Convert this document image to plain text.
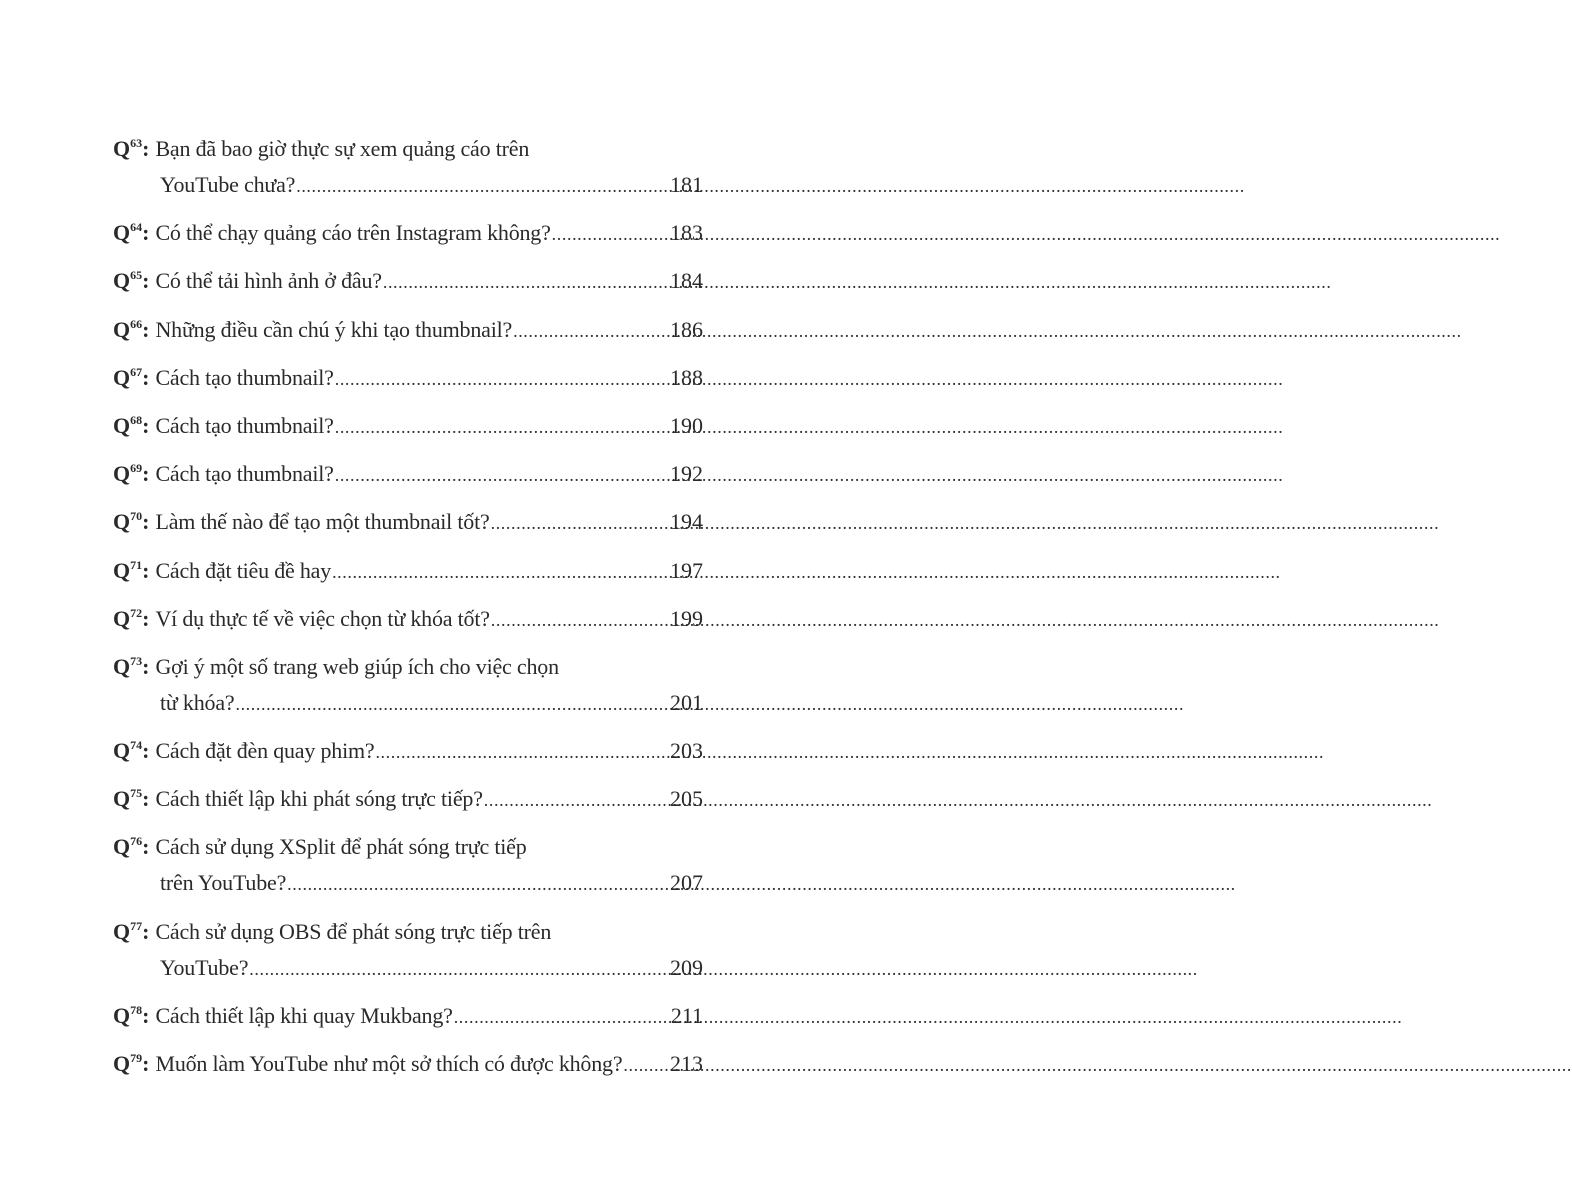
$Q^{63}$ : Bạn đã bao giờ thực sự xem quảng cáo trên
YouTube chưa? .....	181
$Q^{64}$ : Có thể chạy quảng cáo trên Instagram không? .....	183
$Q^{65}$ : Có thể tải hình ảnh ở đâu? .....	184
$Q^{66}$ : Những điều cần chú ý khi tạo thumbnail? .....	186
$Q^{67}$ : Cách tạo thumbnail? .....	188
$Q^{68}$ : Cách tạo thumbnail? .....	190
$Q^{69}$ : Cách tạo thumbnail? .....	192
$Q^{70}$ : Làm thế nào để tạo một thumbnail tốt? .....	194
$Q^{71}$ : Cách đặt tiêu đề hay .....	197
$Q^{72}$ : Ví dụ thực tế về việc chọn từ khóa tốt? .....	199
$Q^{73}$ : Gợi ý một số trang web giúp ích cho việc chọn
từ khóa? .....	201
$Q^{74}$ : Cách đặt đèn quay phim? .....	203
$Q^{75}$ : Cách thiết lập khi phát sóng trực tiếp? .....	205
$Q^{76}$ : Cách sử dụng XSplit để phát sóng trực tiếp
trên YouTube? .....	207
$Q^{77}$ : Cách sử dụng OBS để phát sóng trực tiếp trên
YouTube? .....	209
$Q^{78}$ : Cách thiết lập khi quay Mukbang? .....	211
$Q^{79}$ : Muốn làm YouTube như một sở thích có được không? ..... 213
